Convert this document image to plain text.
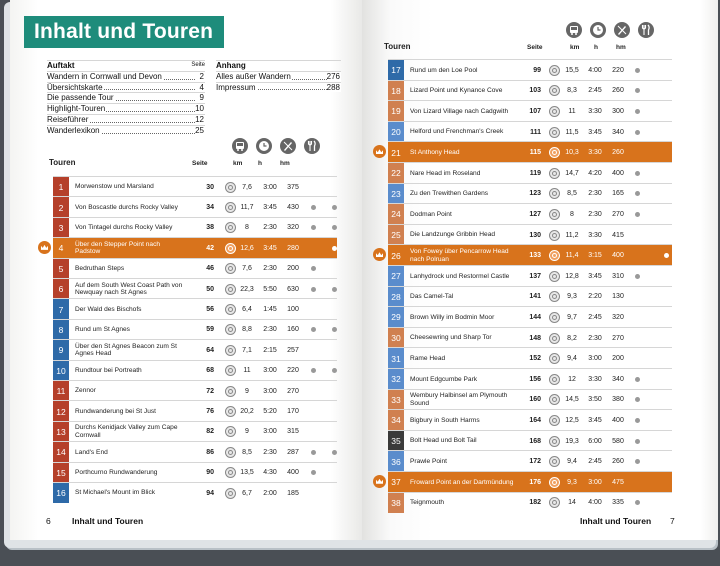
Inhalt und Touren
Auftakt	Seite
Wandern in Cornwall und Devon	2
Übersichtskarte	4
Die passende Tour	9
Highlight-Touren	10
Reiseführer	12
Wanderlexikon	25
Anhang
Alles außer Wandern	276
Impressum	288
Touren	Seite	km h	hm
1	Morwenstow und Marsland	30	7,6	3:00	375
2	Von Boscastle durchs Rocky Valley	34	11,7	3:45	430
3	Von Tintagel durchs Rocky Valley	38	8	2:30	320
4	Über den Stepper Point nach Padstow	42	12,6	3:45	280
5	Bedruthan Steps	46	7,6	2:30	200
6	Auf dem South West Coast Path von Newquay nach St Agnes	50	22,3	5:50	630
7	Der Wald des Bischofs	56	6,4	1:45	100
8	Rund um St Agnes	59	8,8	2:30	160
9	Über den St Agnes Beacon zum St Agnes Head	64	7,1	2:15	257
10	Rundtour bei Portreath	68	11	3:00	220
11	Zennor	72	9	3:00	270
12	Rundwanderung bei St Just	76	20,2	5:20	170
13	Durchs Kenidjack Valley zum Cape Cornwall	82	9	3:00	315
14	Land's End	86	8,5	2:30	287
15	Porthcurno Rundwanderung	90	13,5	4:30	400
16	St Michael's Mount im Blick	94	6,7	2:00	185
6	Inhalt und Touren
Touren	Seite	km h	hm
17	Rund um den Loe Pool	99	15,5	4:00	220
18	Lizard Point und Kynance Cove	103	8,3	2:45	260
19	Von Lizard Village nach Cadgwith	107	11	3:30	300
20	Helford und Frenchman's Creek	111	11,5	3:45	340
21	St Anthony Head	115	10,3	3:30	260
22	Nare Head im Roseland	119	14,7	4:20	400
23	Zu den Trewithen Gardens	123	8,5	2:30	165
24	Dodman Point	127	8	2:30	270
25	Die Landzunge Gribbin Head	130	11,2	3:30	415
26	Von Fowey über Pencarrow Head nach Polruan	133	11,4	3:15	400
27	Lanhydrock und Restormel Castle	137	12,8	3:45	310
28	Das Camel-Tal	141	9,3	2:20	130
29	Brown Willy im Bodmin Moor	144	9,7	2:45	320
30	Cheesewring und Sharp Tor	148	8,2	2:30	270
31	Rame Head	152	9,4	3:00	200
32	Mount Edgcumbe Park	156	12	3:30	340
33	Wembury Halbinsel am Plymouth Sound	160	14,5	3:50	380
34	Bigbury in South Harms	164	12,5	3:45	400
35	Bolt Head und Bolt Tail	168	19,3	6:00	580
36	Prawle Point	172	9,4	2:45	260
37	Froward Point an der Dartmündung	176	9,3	3:00	475
38	Teignmouth	182	14	4:00	335
Inhalt und Touren 7
